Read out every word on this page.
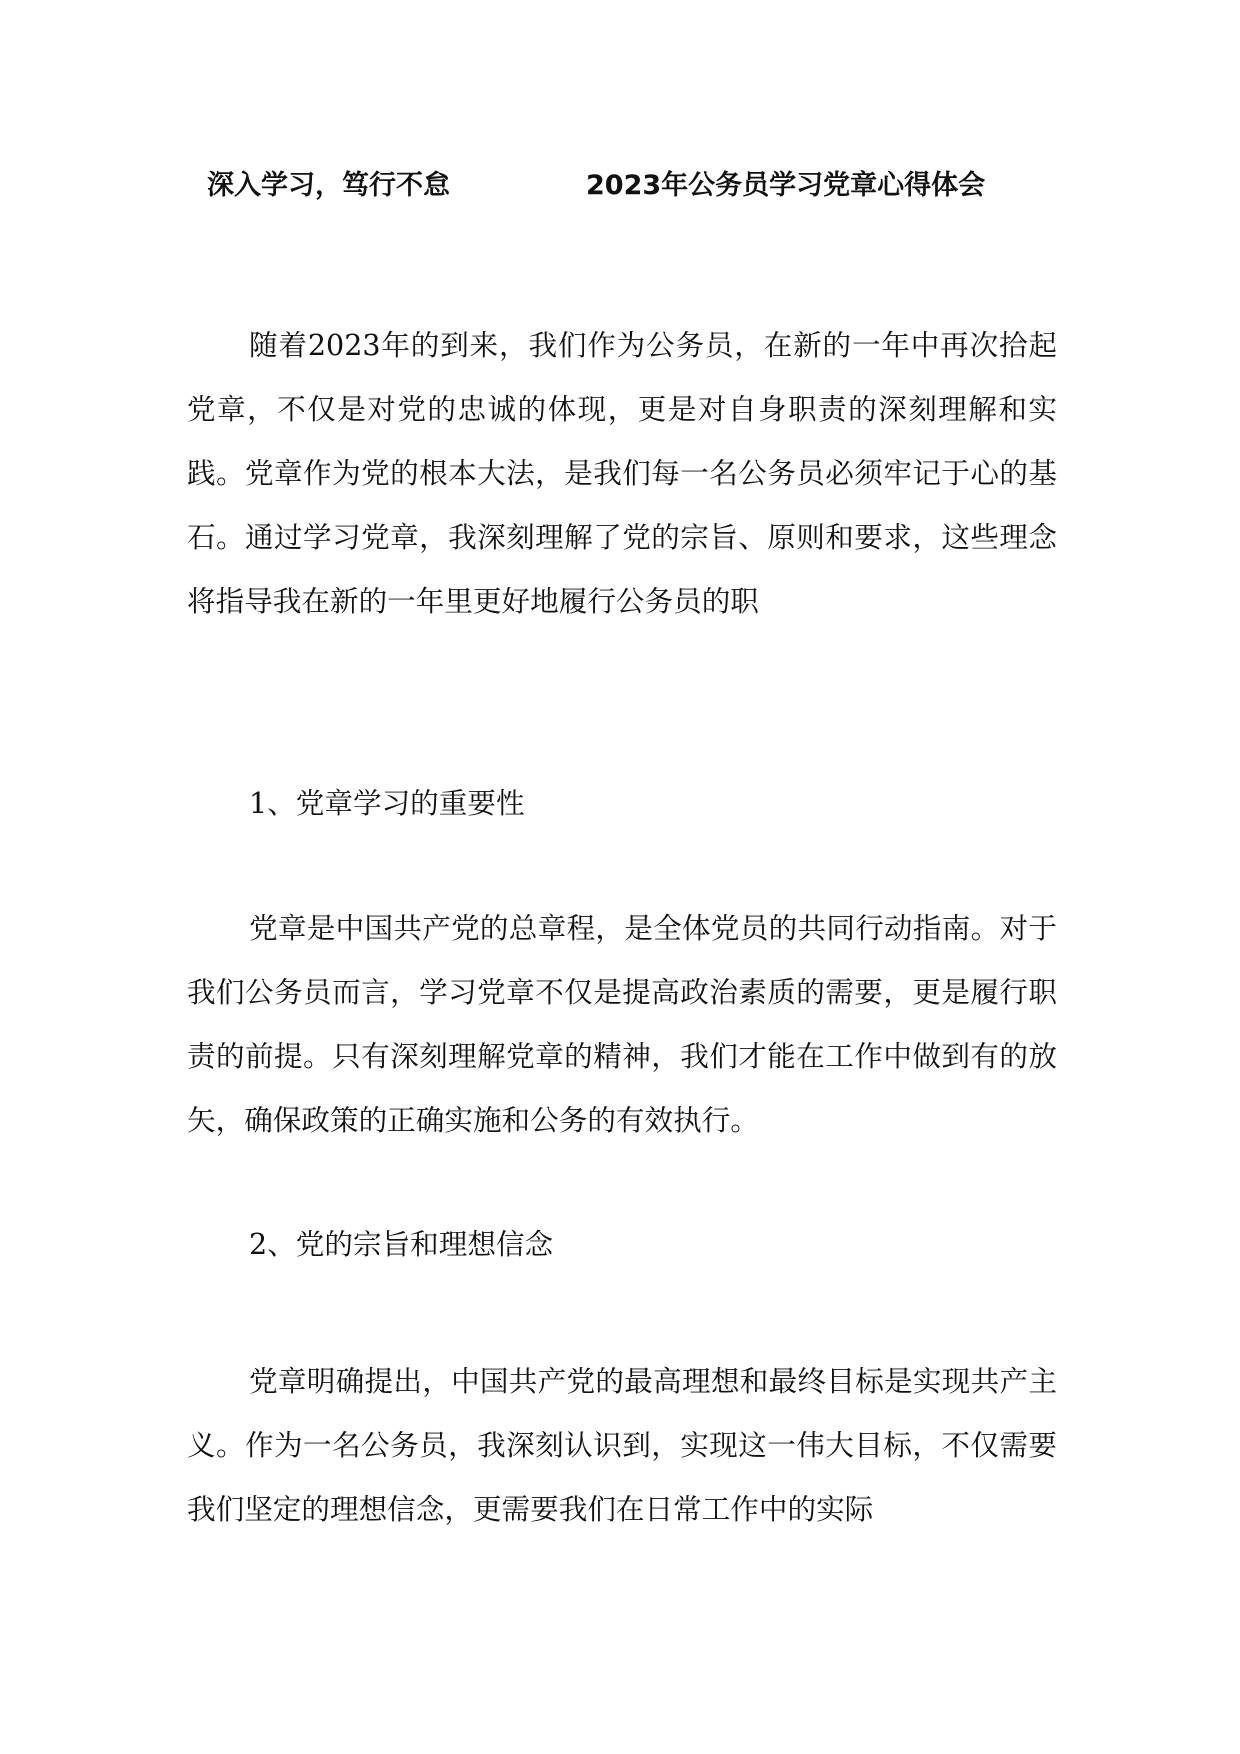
深入学习，笃行不怠	2023年公务员学习党章心得体会

随着2023年的到来，我们作为公务员，在新的一年中再次拾起党章，不仅是对党的忠诚的体现，更是对自身职责的深刻理解和实践。党章作为党的根本大法，是我们每一名公务员必须牢记于心的基石。通过学习党章，我深刻理解了党的宗旨、原则和要求，这些理念将指导我在新的一年里更好地履行公务员的职

1、党章学习的重要性

党章是中国共产党的总章程，是全体党员的共同行动指南。对于我们公务员而言，学习党章不仅是提高政治素质的需要，更是履行职责的前提。只有深刻理解党章的精神，我们才能在工作中做到有的放矢，确保政策的正确实施和公务的有效执行。

2、党的宗旨和理想信念

党章明确提出，中国共产党的最高理想和最终目标是实现共产主义。作为一名公务员，我深刻认识到，实现这一伟大目标，不仅需要我们坚定的理想信念，更需要我们在日常工作中的实际
